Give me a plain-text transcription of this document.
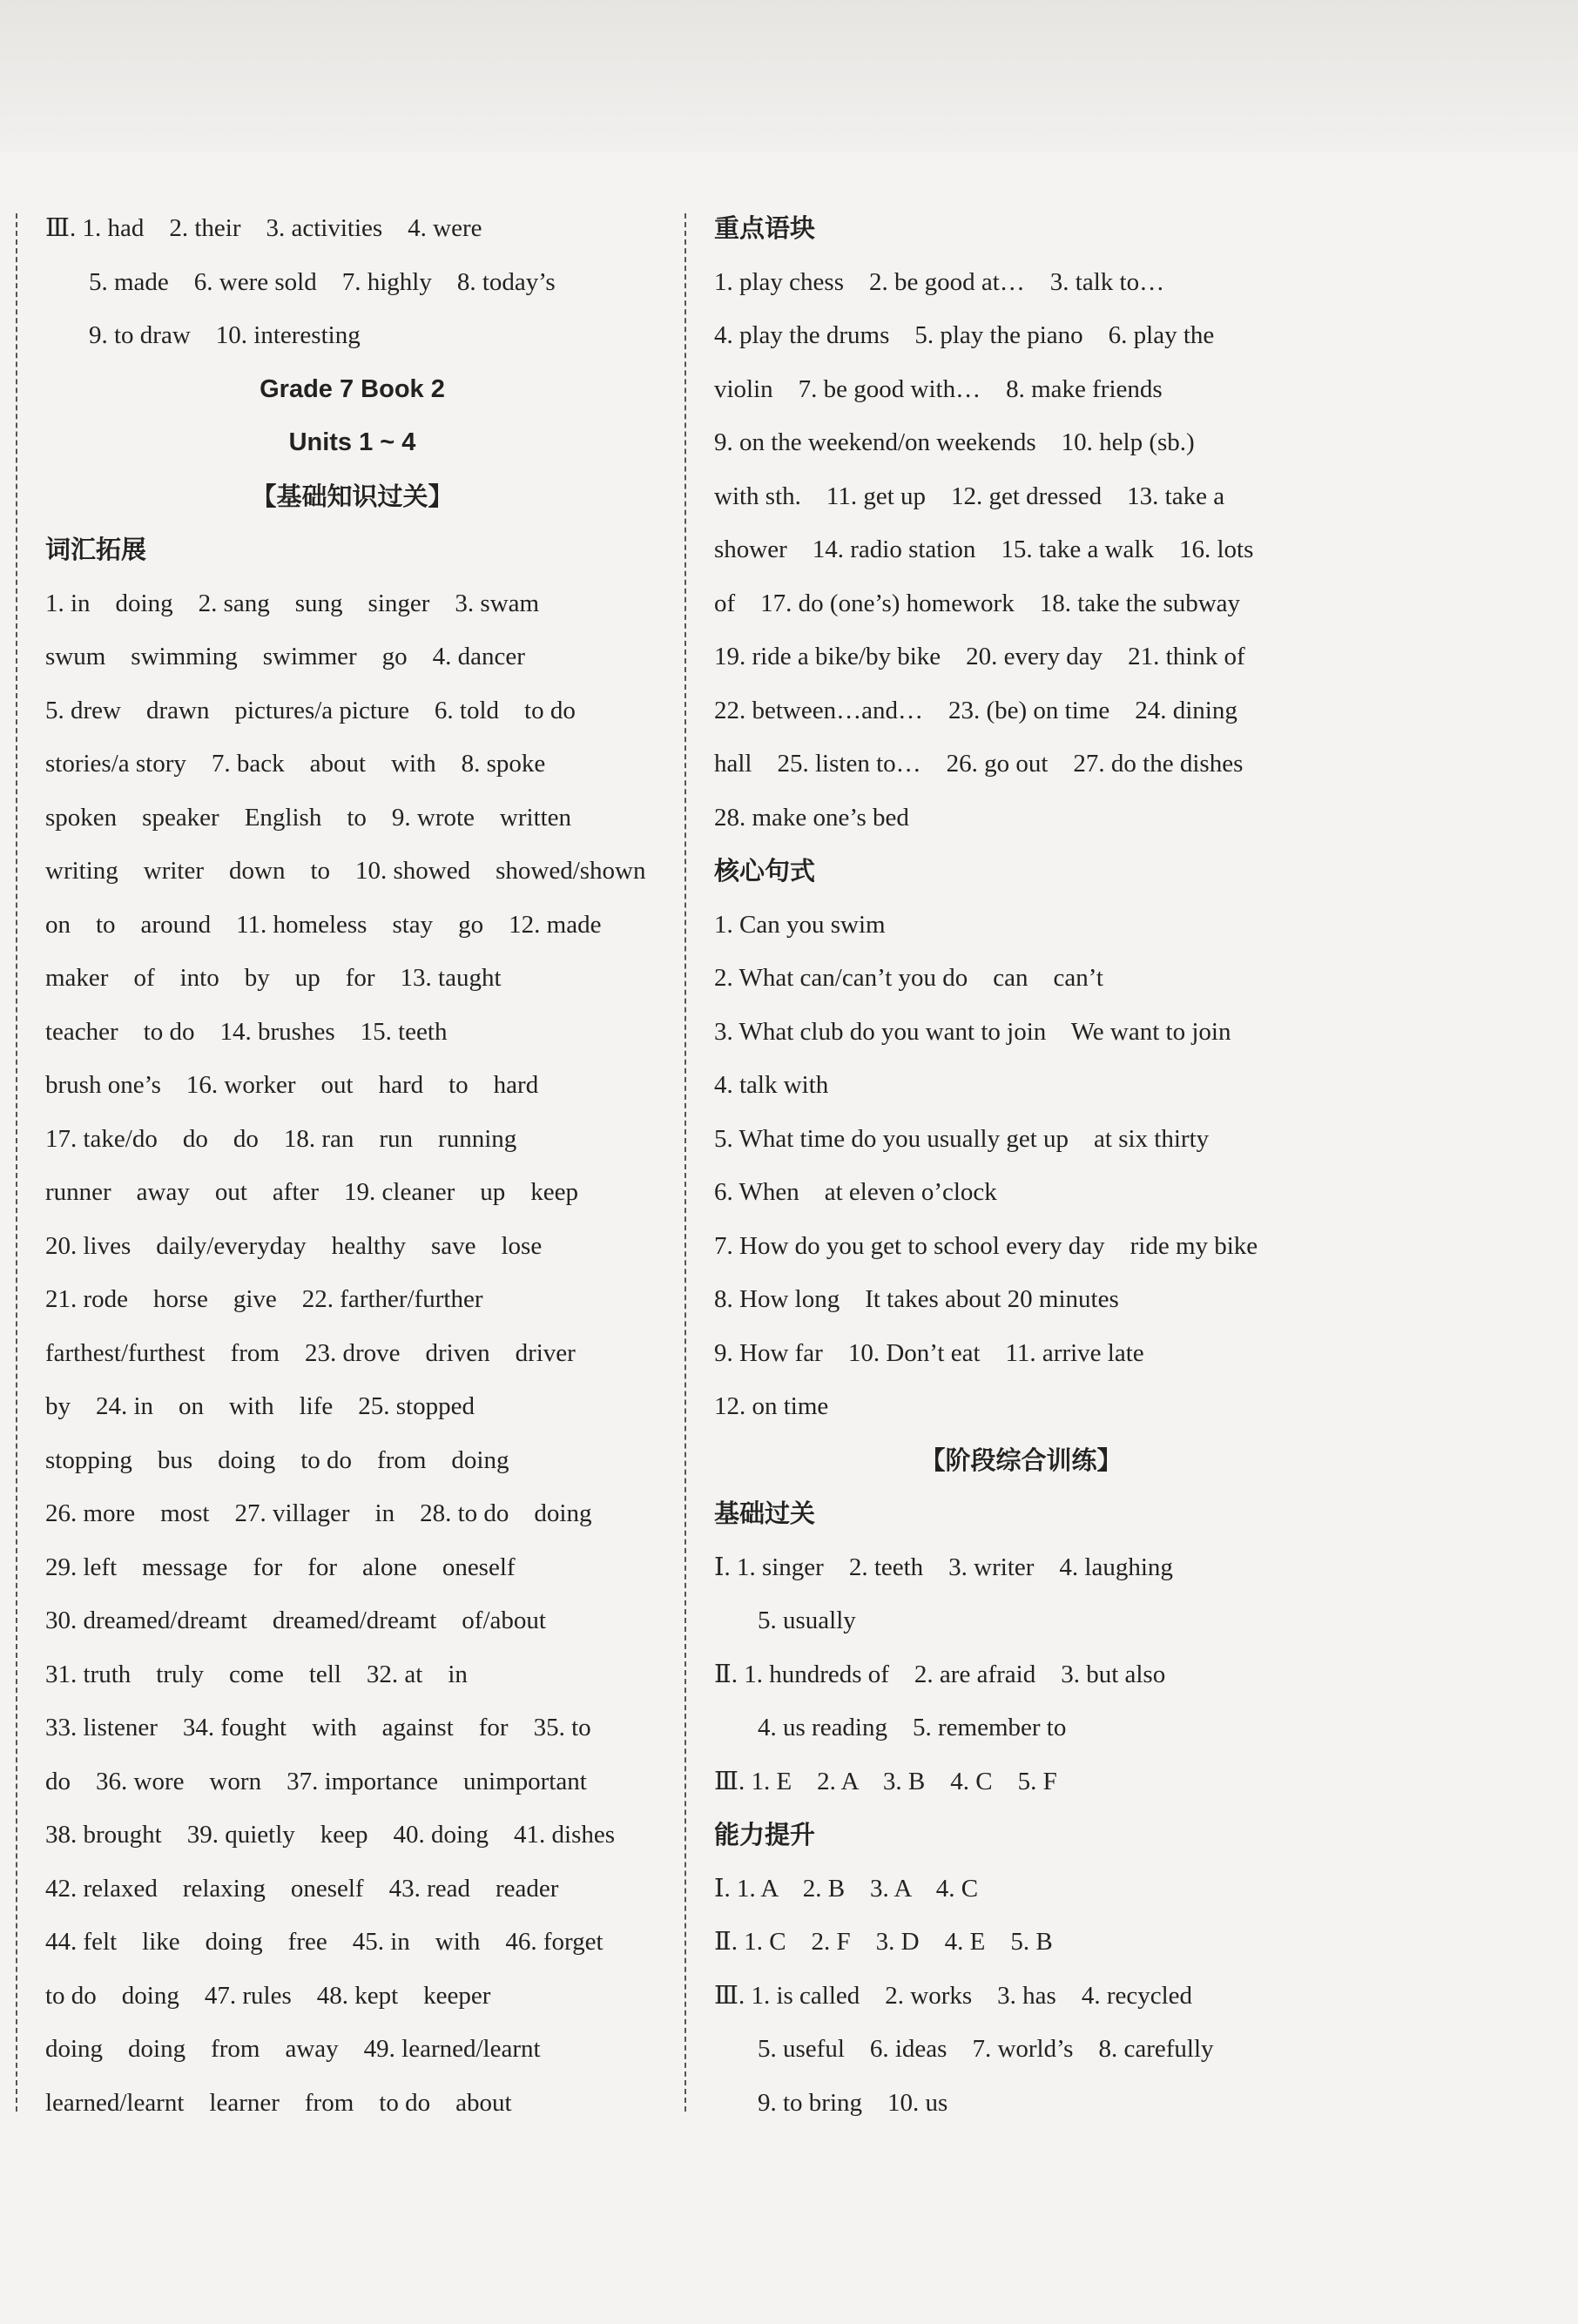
Ⅲ. 1. had    2. their    3. activities    4. were
5. made    6. were sold    7. highly    8. today’s
9. to draw    10. interesting
Grade 7 Book 2
Units 1 ~ 4
【基础知识过关】
词汇拓展
1. in    doing    2. sang    sung    singer    3. swam
swum    swimming    swimmer    go    4. dancer
5. drew    drawn    pictures/a picture    6. told    to do
stories/a story    7. back    about    with    8. spoke
spoken    speaker    English    to    9. wrote    written
writing    writer    down    to    10. showed    showed/shown
on    to    around    11. homeless    stay    go    12. made
maker    of    into    by    up    for    13. taught
teacher    to do    14. brushes    15. teeth
brush one’s    16. worker    out    hard    to    hard
17. take/do    do    do    18. ran    run    running
runner    away    out    after    19. cleaner    up    keep
20. lives    daily/everyday    healthy    save    lose
21. rode    horse    give    22. farther/further
farthest/furthest    from    23. drove    driven    driver
by    24. in    on    with    life    25. stopped
stopping    bus    doing    to do    from    doing
26. more    most    27. villager    in    28. to do    doing
29. left    message    for    for    alone    oneself
30. dreamed/dreamt    dreamed/dreamt    of/about
31. truth    truly    come    tell    32. at    in
33. listener    34. fought    with    against    for    35. to
do    36. wore    worn    37. importance    unimportant
38. brought    39. quietly    keep    40. doing    41. dishes
42. relaxed    relaxing    oneself    43. read    reader
44. felt    like    doing    free    45. in    with    46. forget
to do    doing    47. rules    48. kept    keeper
doing    doing    from    away    49. learned/learnt
learned/learnt    learner    from    to do    about
重点语块
1. play chess    2. be good at…    3. talk to…
4. play the drums    5. play the piano    6. play the
violin    7. be good with…    8. make friends
9. on the weekend/on weekends    10. help (sb.)
with sth.    11. get up    12. get dressed    13. take a
shower    14. radio station    15. take a walk    16. lots
of    17. do (one’s) homework    18. take the subway
19. ride a bike/by bike    20. every day    21. think of
22. between…and…    23. (be) on time    24. dining
hall    25. listen to…    26. go out    27. do the dishes
28. make one’s bed
核心句式
1. Can you swim
2. What can/can’t you do    can    can’t
3. What club do you want to join    We want to join
4. talk with
5. What time do you usually get up    at six thirty
6. When    at eleven o’clock
7. How do you get to school every day    ride my bike
8. How long    It takes about 20 minutes
9. How far    10. Don’t eat    11. arrive late
12. on time
【阶段综合训练】
基础过关
Ⅰ. 1. singer    2. teeth    3. writer    4. laughing
5. usually
Ⅱ. 1. hundreds of    2. are afraid    3. but also
4. us reading    5. remember to
Ⅲ. 1. E    2. A    3. B    4. C    5. F
能力提升
Ⅰ. 1. A    2. B    3. A    4. C
Ⅱ. 1. C    2. F    3. D    4. E    5. B
Ⅲ. 1. is called    2. works    3. has    4. recycled
5. useful    6. ideas    7. world’s    8. carefully
9. to bring    10. us
